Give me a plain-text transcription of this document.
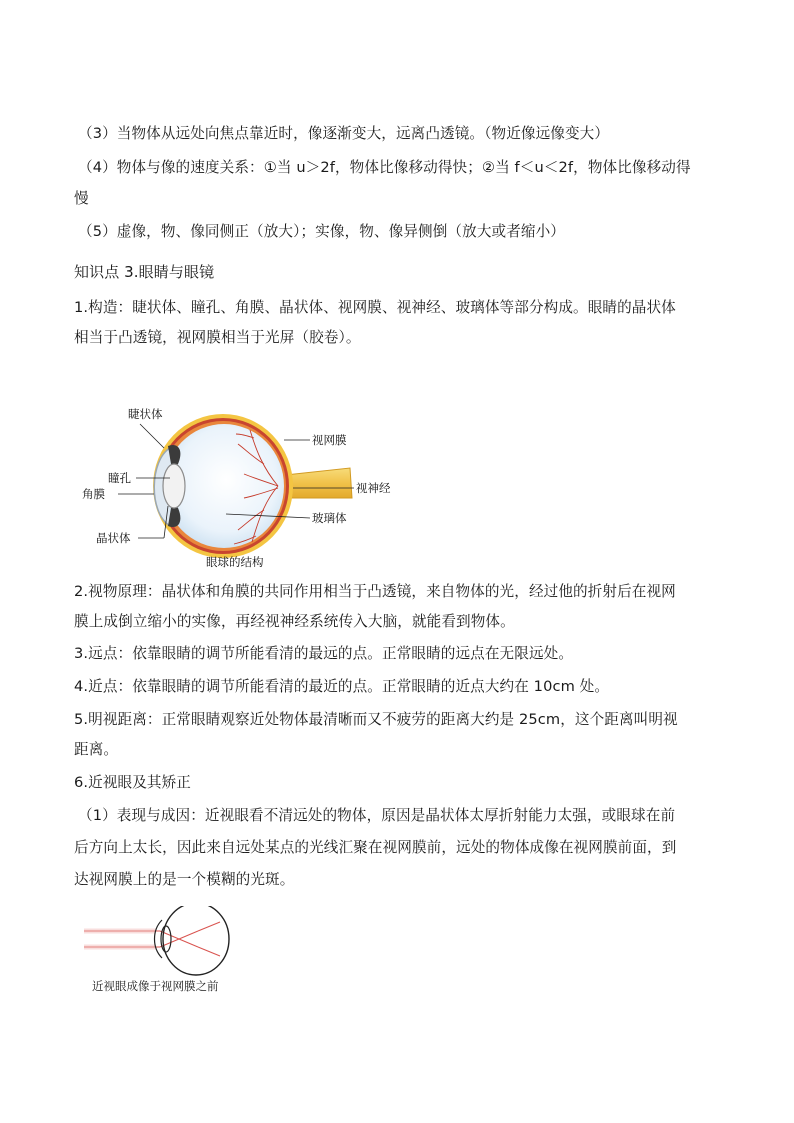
（3）当物体从远处向焦点靠近时，像逐渐变大，远离凸透镜。（物近像远像变大）
（4）物体与像的速度关系：①当 u＞2f，物体比像移动得快；②当 f＜u＜2f，物体比像移动得
慢
（5）虚像，物、像同侧正（放大）；实像，物、像异侧倒（放大或者缩小）
知识点 3.眼睛与眼镜
1.构造：睫状体、瞳孔、角膜、晶状体、视网膜、视神经、玻璃体等部分构成。眼睛的晶状体
相当于凸透镜，视网膜相当于光屏（胶卷）。
睫状体
视网膜
瞳孔
角膜	视神经
玻璃体
晶状体
眼球的结构
2.视物原理：晶状体和角膜的共同作用相当于凸透镜，来自物体的光，经过他的折射后在视网
膜上成倒立缩小的实像，再经视神经系统传入大脑，就能看到物体。
3.远点：依靠眼睛的调节所能看清的最远的点。正常眼睛的远点在无限远处。
4.近点：依靠眼睛的调节所能看清的最近的点。正常眼睛的近点大约在 10cm 处。
5.明视距离：正常眼睛观察近处物体最清晰而又不疲劳的距离大约是 25cm，这个距离叫明视
距离。
6.近视眼及其矫正
（1）表现与成因：近视眼看不清远处的物体，原因是晶状体太厚折射能力太强，或眼球在前
后方向上太长，因此来自远处某点的光线汇聚在视网膜前，远处的物体成像在视网膜前面，到
达视网膜上的是一个模糊的光斑。
近视眼成像于视网膜之前
